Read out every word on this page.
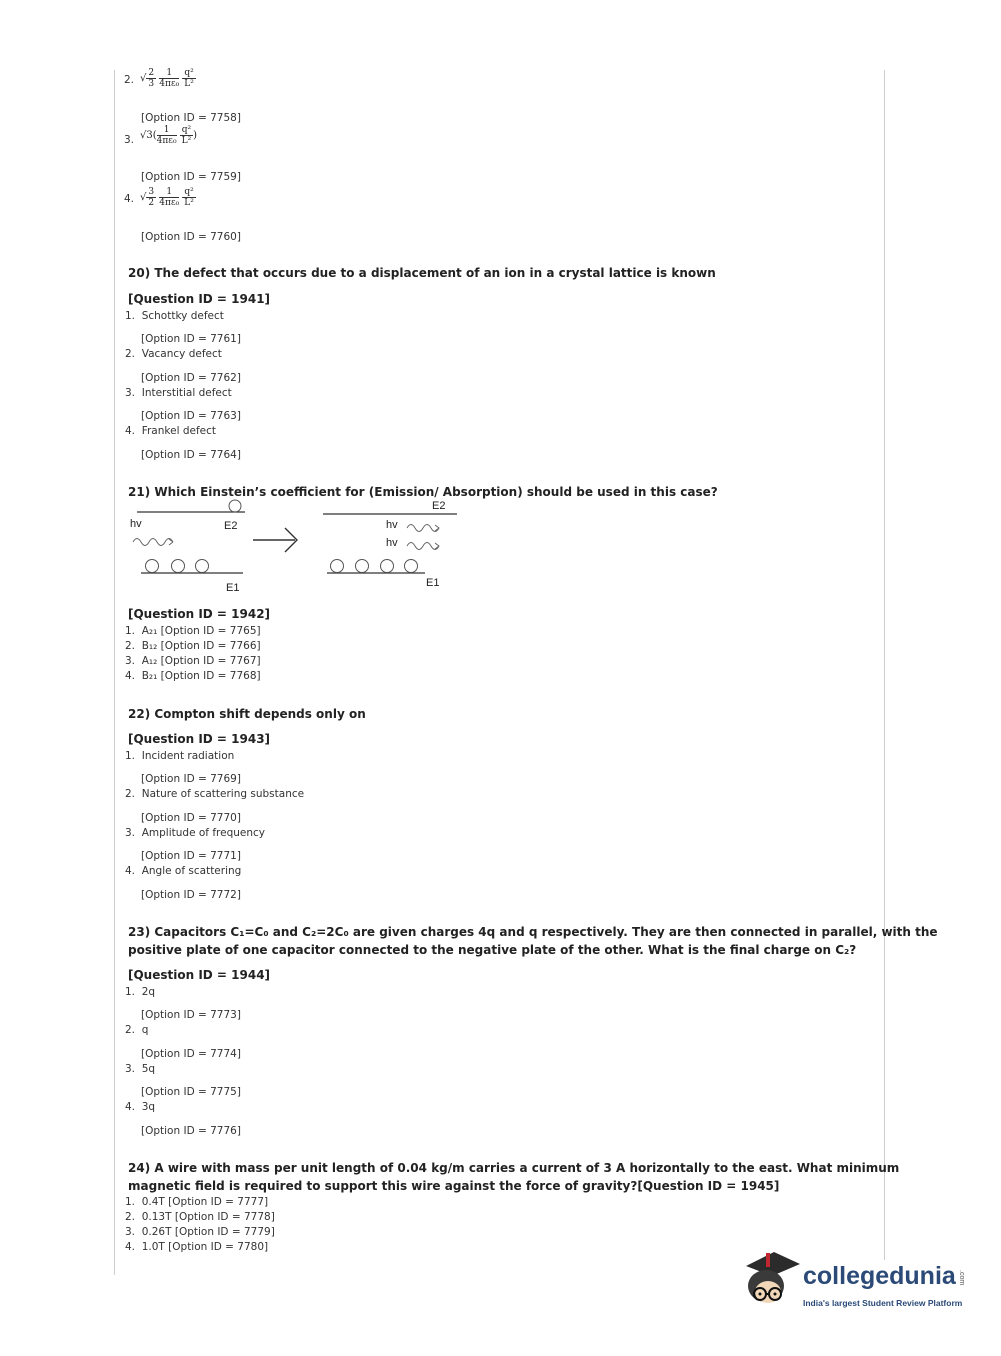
2. √ $\frac{2}{3}$
$\frac{1}{\text{4πε₀}}$
$\frac{\text{q²}}{\text{L²}}$
[Option ID = 7758]
3. $√3( \frac{1}{\text{4πε₀}}$
$\frac{\text{q²}}{\text{L²}}$ )
[Option ID = 7759]
4. √ $\frac{3}{2}$
$\frac{1}{\text{4πε₀}}$
$\frac{\text{q²}}{\text{L²}}$
[Option ID = 7760]
20) The defect that occurs due to a displacement of an ion in a crystal lattice is known
[Question ID = 1941]
1. Schottky defect
[Option ID = 7761]
2. Vacancy defect
[Option ID = 7762]
3. Interstitial defect
[Option ID = 7763]
4. Frankel defect
[Option ID = 7764]
21) Which Einstein’s coefficient for (Emission/ Absorption) should be used in this case?
hv	E2
E1
E2
hv
hv
E1
[Question ID = 1942]
1. A₂₁ [Option ID = 7765]
2. B₁₂ [Option ID = 7766]
3. A₁₂ [Option ID = 7767]
4. B₂₁ [Option ID = 7768]
22) Compton shift depends only on
[Question ID = 1943]
1. Incident radiation
[Option ID = 7769]
2. Nature of scattering substance
[Option ID = 7770]
3. Amplitude of frequency
[Option ID = 7771]
4. Angle of scattering
[Option ID = 7772]
23) Capacitors C₁=C₀ and C₂=2C₀ are given charges 4q and q respectively. They are then connected in parallel, with the
positive plate of one capacitor connected to the negative plate of the other. What is the final charge on C₂?
[Question ID = 1944]
1. 2q
[Option ID = 7773]
2. q
[Option ID = 7774]
3. 5q
[Option ID = 7775]
4. 3q
[Option ID = 7776]
24) A wire with mass per unit length of 0.04 kg/m carries a current of 3 A horizontally to the east. What minimum
magnetic field is required to support this wire against the force of gravity?[Question ID = 1945]
1. 0.4T [Option ID = 7777]
2. 0.13T [Option ID = 7778]
3. 0.26T [Option ID = 7779]
4. 1.0T [Option ID = 7780]
collegedunia .com
India's largest Student Review Platform
